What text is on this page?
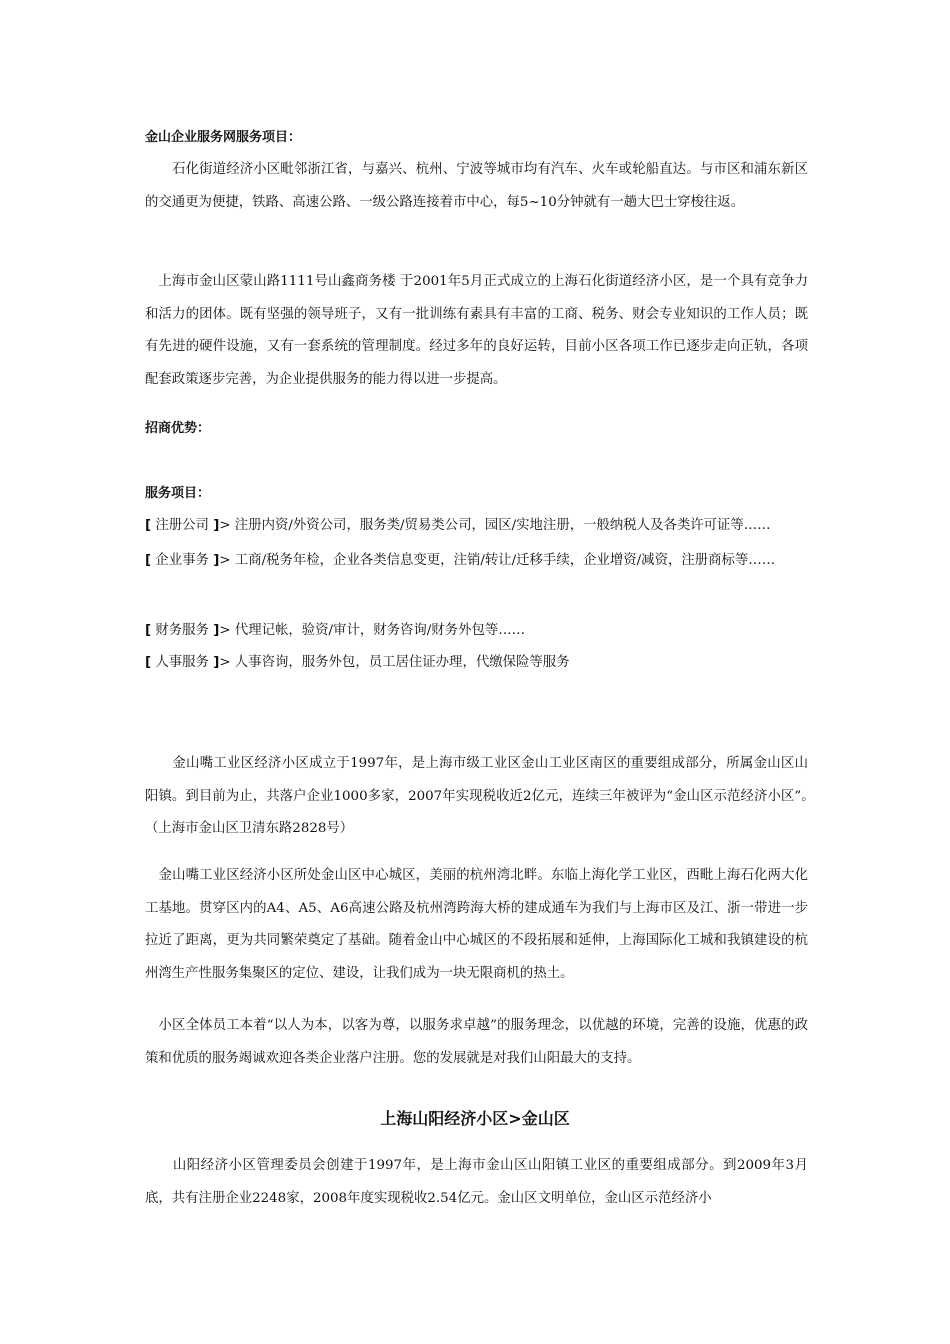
金山企业服务网服务项目：
　　石化街道经济小区毗邻浙江省，与嘉兴、杭州、宁波等城市均有汽车、火车或轮船直达。与市区和浦东新区的交通更为便捷，铁路、高速公路、一级公路连接着市中心，每5~10分钟就有一趟大巴士穿梭往返。
　上海市金山区蒙山路1111号山鑫商务楼 于2001年5月正式成立的上海石化街道经济小区，是一个具有竞争力和活力的团体。既有坚强的领导班子，又有一批训练有素具有丰富的工商、税务、财会专业知识的工作人员；既有先进的硬件设施，又有一套系统的管理制度。经过多年的良好运转，目前小区各项工作已逐步走向正轨，各项配套政策逐步完善，为企业提供服务的能力得以进一步提高。
招商优势：
服务项目：
[ 注册公司 ]> 注册内资/外资公司，服务类/贸易类公司，园区/实地注册，一般纳税人及各类许可证等……
[ 企业事务 ]> 工商/税务年检，企业各类信息变更，注销/转让/迁移手续，企业增资/减资，注册商标等……
[ 财务服务 ]> 代理记帐，验资/审计，财务咨询/财务外包等……
[ 人事服务 ]> 人事咨询，服务外包，员工居住证办理，代缴保险等服务
　　金山嘴工业区经济小区成立于1997年，是上海市级工业区金山工业区南区的重要组成部分，所属金山区山阳镇。到目前为止，共落户企业1000多家，2007年实现税收近2亿元，连续三年被评为“金山区示范经济小区”。　（上海市金山区卫清东路2828号）
　金山嘴工业区经济小区所处金山区中心城区，美丽的杭州湾北畔。东临上海化学工业区，西毗上海石化两大化工基地。贯穿区内的A4、A5、A6高速公路及杭州湾跨海大桥的建成通车为我们与上海市区及江、浙一带进一步拉近了距离，更为共同繁荣奠定了基础。随着金山中心城区的不段拓展和延伸，上海国际化工城和我镇建设的杭州湾生产性服务集聚区的定位、建设，让我们成为一块无限商机的热土。
　小区全体员工本着“以人为本，以客为尊，以服务求卓越”的服务理念，以优越的环境，完善的设施，优惠的政策和优质的服务竭诚欢迎各类企业落户注册。您的发展就是对我们山阳最大的支持。
上海山阳经济小区>金山区
　　山阳经济小区管理委员会创建于1997年，是上海市金山区山阳镇工业区的重要组成部分。到2009年3月底，共有注册企业2248家，2008年度实现税收2.54亿元。金山区文明单位，金山区示范经济小
